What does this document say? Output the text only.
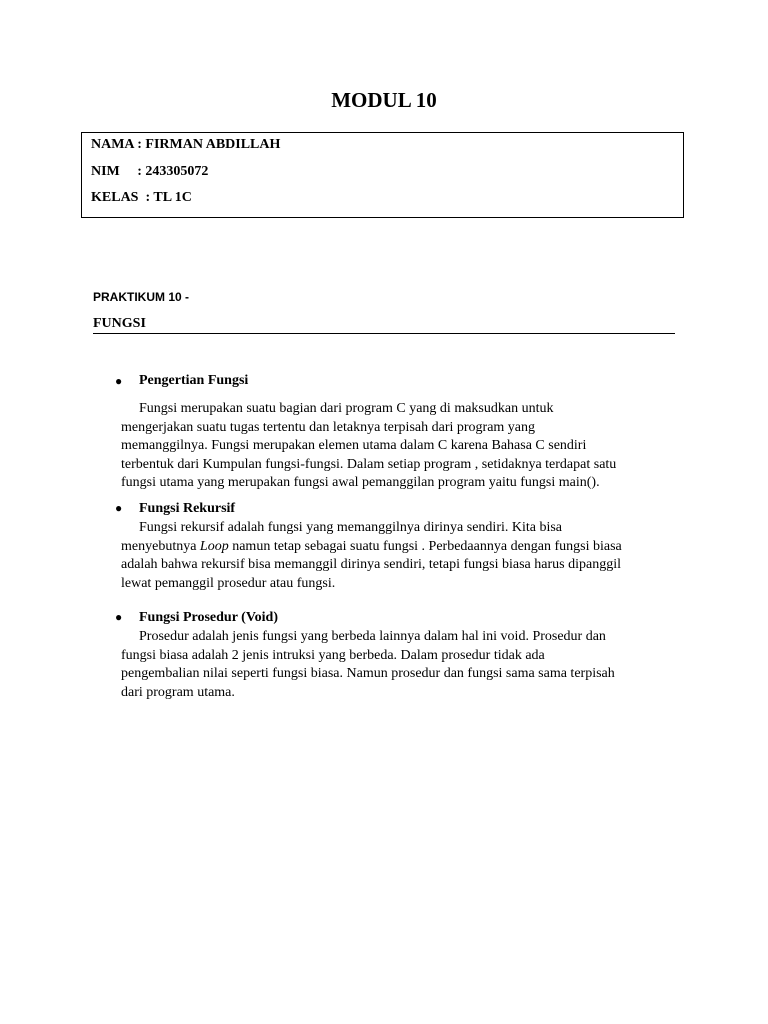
MODUL 10
NAMA : FIRMAN ABDILLAH
NIM     : 243305072
KELAS  : TL 1C
PRAKTIKUM 10 -
FUNGSI
● Pengertian Fungsi
Fungsi merupakan suatu bagian dari program C yang di maksudkan untuk
mengerjakan suatu tugas tertentu dan letaknya terpisah dari program yang
memanggilnya. Fungsi merupakan elemen utama dalam C karena Bahasa C sendiri
terbentuk dari Kumpulan fungsi-fungsi. Dalam setiap program , setidaknya terdapat satu
fungsi utama yang merupakan fungsi awal pemanggilan program yaitu fungsi main().
● Fungsi Rekursif
Fungsi rekursif adalah fungsi yang memanggilnya dirinya sendiri. Kita bisa
menyebutnya Loop namun tetap sebagai suatu fungsi . Perbedaannya dengan fungsi biasa
adalah bahwa rekursif bisa memanggil dirinya sendiri, tetapi fungsi biasa harus dipanggil
lewat pemanggil prosedur atau fungsi.
● Fungsi Prosedur (Void)
Prosedur adalah jenis fungsi yang berbeda lainnya dalam hal ini void. Prosedur dan
fungsi biasa adalah 2 jenis intruksi yang berbeda. Dalam prosedur tidak ada
pengembalian nilai seperti fungsi biasa. Namun prosedur dan fungsi sama sama terpisah
dari program utama.
